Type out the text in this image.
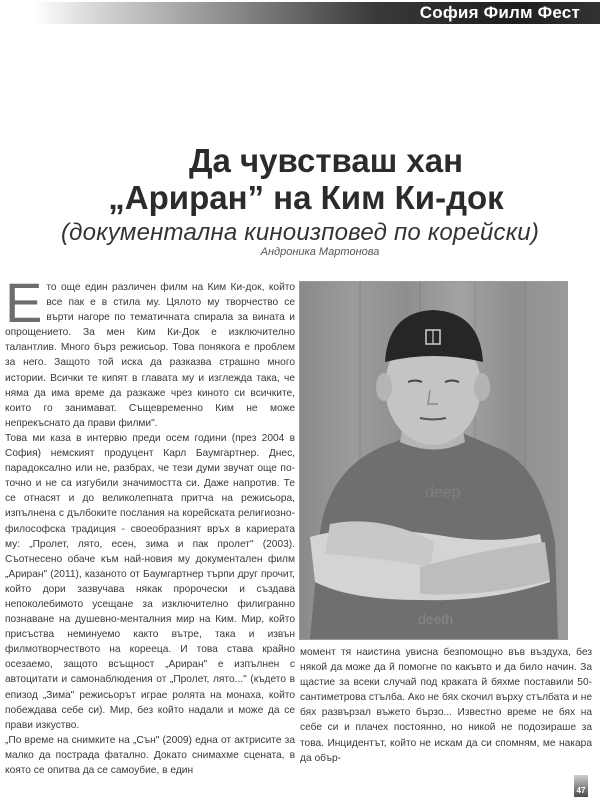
София Филм Фест
Да чувстваш хан
„Ариран” на Ким Ки-док
(документална киноизповед по корейски)
Андроника Мартонова

Е то още един различен филм на Ким Ки-док, който все пак е в стила му. Цялото му творчество се върти нагоре по тематичната спирала за вината и опрощението. За мен Ким Ки-Док е изключително талантлив. Много бърз режисьор. Това понякога е проблем за него. Защото той иска да разказва страшно много истории. Всички те кипят в главата му и изглежда така, че няма да има време да разкаже чрез киното си всичките, които го занимават. Същевременно Ким не може непрекъснато да прави филми".

Това ми каза в интервю преди осем години (през 2004 в София) немският продуцент Карл Баумгартнер. Днес, парадоксално или не, разбрах, че тези думи звучат още по-точно и не са изгубили значимостта си. Даже напротив. Те се отнасят и до великолепната притча на режисьора, изпълнена с дълбоките послания на корейската религиозно-философска традиция - своеобразният връх в кариерата му: „Пролет, лято, есен, зима и пак пролет" (2003). Съотнесено обаче към най-новия му документален филм „Ариран" (2011), казаното от Баумгартнер търпи друг прочит, който дори зазвучава някак пророчески и създава непоколебимото усещане за изключително филигранно познаване на душевно-менталния мир на Ким. Мир, който присъства неминуемо както вътре, така и извън филмотворчеството на корееца. И това става крайно осезаемо, защото всъщност „Ариран" е изпълнен с автоцитати и самонаблюдения от „Пролет, лято..." (където в епизод „Зима" режисьорът играе ролята на монаха, който побеждава себе си). Мир, без който надали и може да се прави изкуство.

„По време на снимките на „Сън" (2009) една от актрисите за малко да пострада фатално. Докато снимахме сцената, в която се опитва да се самоубие, в един

deep
deeth

момент тя наистина увисна безпомощно във въздуха, без някой да може да й помогне по какъвто и да било начин. За щастие за всеки случай под краката й бяхме поставили 50-сантиметрова стълба. Ако не бях скочил върху стълбата и не бях развързал въжето бързо... Известно време не бях на себе си и плачех постоянно, но никой не подозираше за това. Инцидентът, който не искам да си спомням, ме накара да обър-

47
